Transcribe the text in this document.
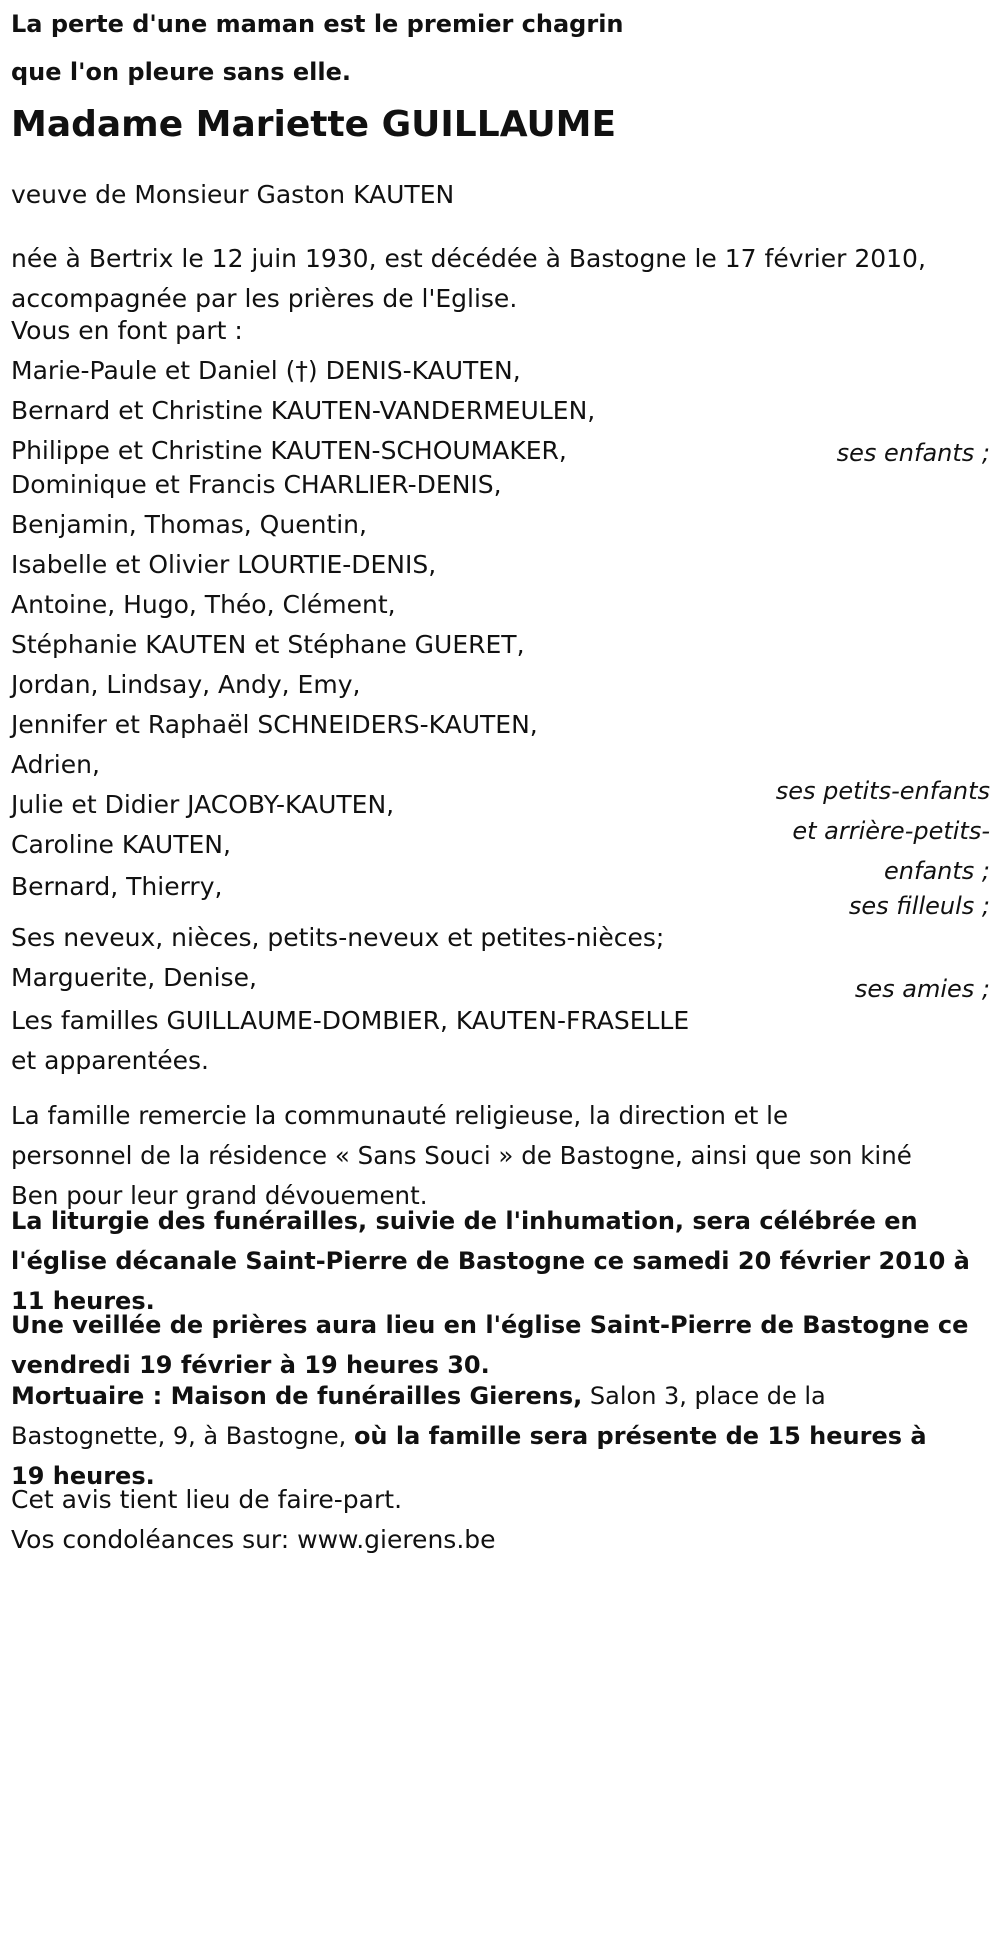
La perte d'une maman est le premier chagrin
que l'on pleure sans elle.
Madame Mariette GUILLAUME
veuve de Monsieur Gaston KAUTEN
née à Bertrix le 12 juin 1930, est décédée à Bastogne le 17 février 2010,
accompagnée par les prières de l'Eglise.
Vous en font part :
Marie-Paule et Daniel (†) DENIS-KAUTEN,
Bernard et Christine KAUTEN-VANDERMEULEN,
Philippe et Christine KAUTEN-SCHOUMAKER,	ses enfants ;
Dominique et Francis CHARLIER-DENIS,
Benjamin, Thomas, Quentin,
Isabelle et Olivier LOURTIE-DENIS,
Antoine, Hugo, Théo, Clément,
Stéphanie KAUTEN et Stéphane GUERET,
Jordan, Lindsay, Andy, Emy,
Jennifer et Raphaël SCHNEIDERS-KAUTEN,
Adrien,
Julie et Didier JACOBY-KAUTEN,
Caroline KAUTEN,
ses petits-enfants
et arrière-petits-
enfants ;
Bernard, Thierry,
ses filleuls ;
Ses neveux, nièces, petits-neveux et petites-nièces;
Marguerite, Denise,	ses amies ;
Les familles GUILLAUME-DOMBIER, KAUTEN-FRASELLE
et apparentées.
La famille remercie la communauté religieuse, la direction et le
personnel de la résidence « Sans Souci » de Bastogne, ainsi que son kiné
Ben pour leur grand dévouement.
La liturgie des funérailles, suivie de l'inhumation, sera célébrée en
l'église décanale Saint-Pierre de Bastogne ce samedi 20 février 2010 à
11 heures.
Une veillée de prières aura lieu en l'église Saint-Pierre de Bastogne ce
vendredi 19 février à 19 heures 30.
Mortuaire : Maison de funérailles Gierens, Salon 3, place de la
Bastognette, 9, à Bastogne, où la famille sera présente de 15 heures à
19 heures.
Cet avis tient lieu de faire-part.
Vos condoléances sur: www.gierens.be
